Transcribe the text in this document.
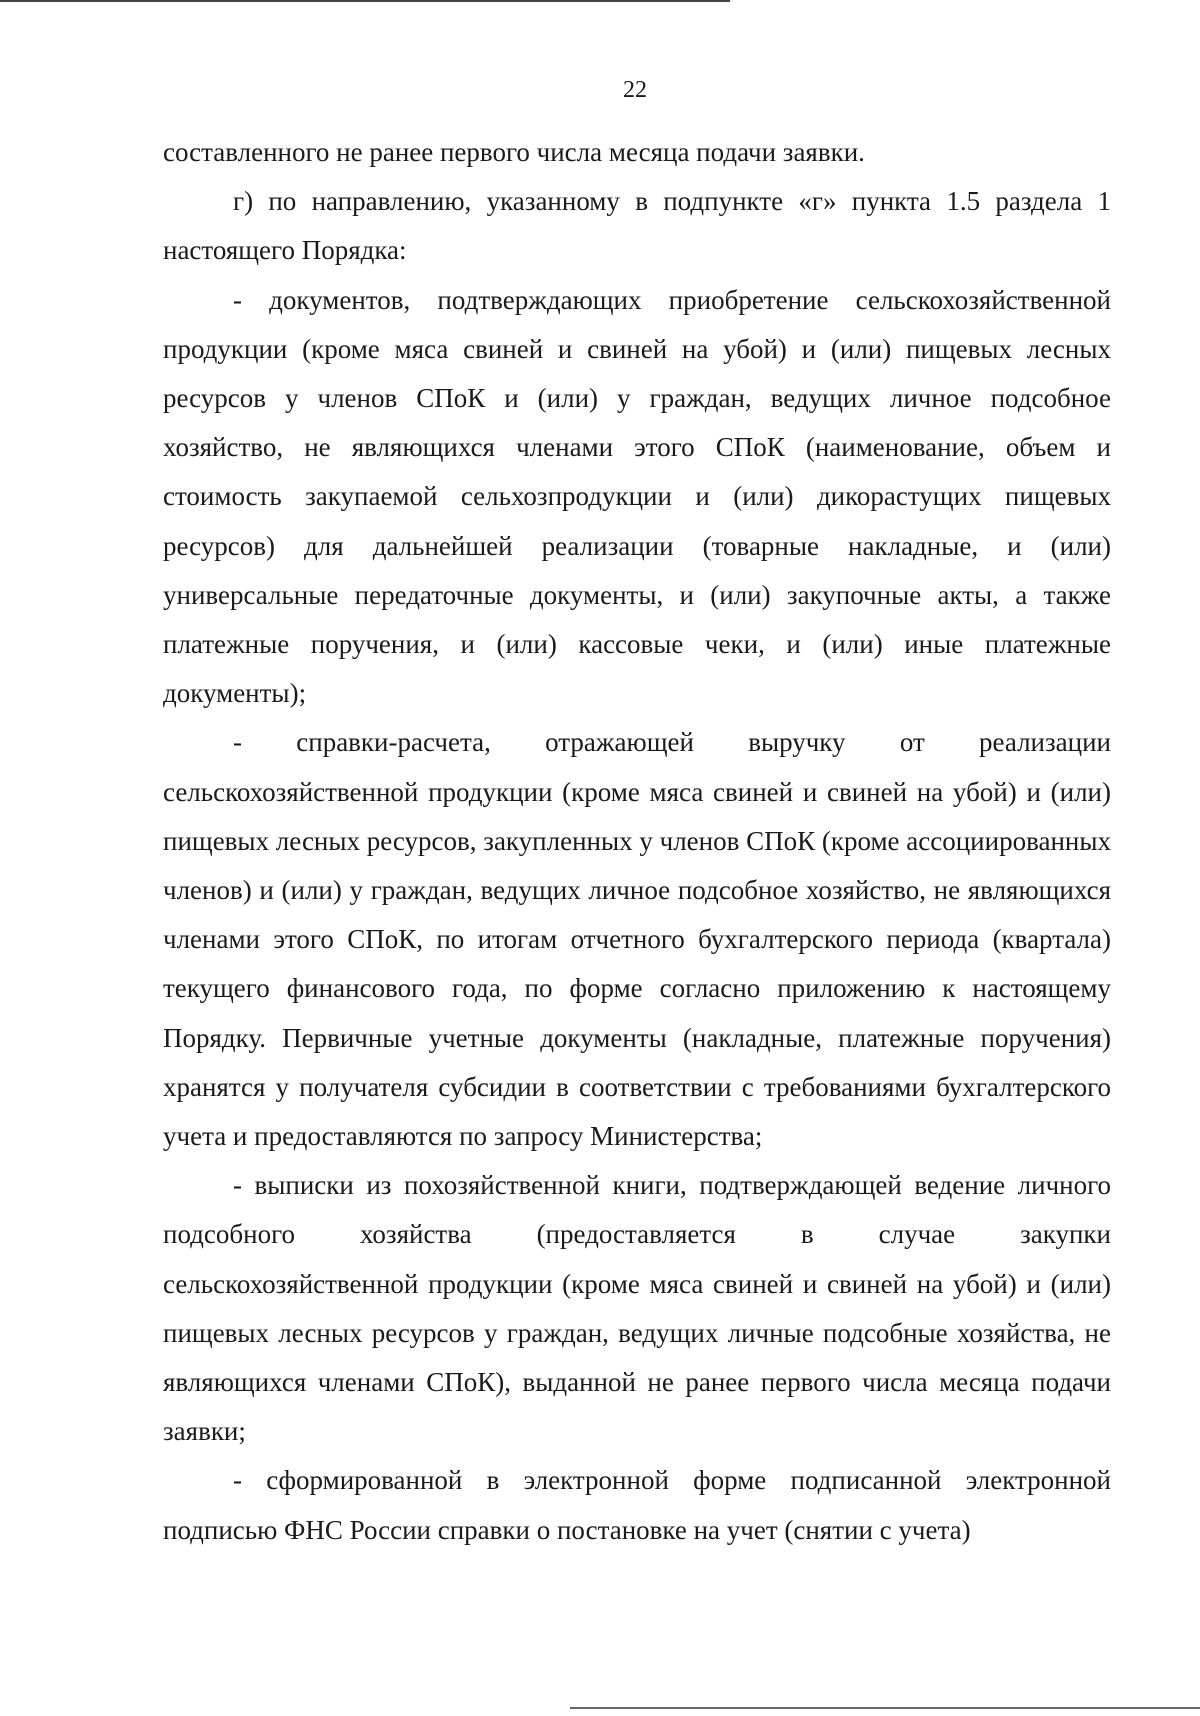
22

составленного не ранее первого числа месяца подачи заявки.

г) по направлению, указанному в подпункте «г» пункта 1.5 раздела 1 настоящего Порядка:

- документов, подтверждающих приобретение сельскохозяйственной продукции (кроме мяса свиней и свиней на убой) и (или) пищевых лесных ресурсов у членов СПоК и (или) у граждан, ведущих личное подсобное хозяйство, не являющихся членами этого СПоК (наименование, объем и стоимость закупаемой сельхозпродукции и (или) дикорастущих пищевых ресурсов) для дальнейшей реализации (товарные накладные, и (или) универсальные передаточные документы, и (или) закупочные акты, а также платежные поручения, и (или) кассовые чеки, и (или) иные платежные документы);

- справки-расчета, отражающей выручку от реализации

сельскохозяйственной продукции (кроме мяса свиней и свиней на убой) и (или) пищевых лесных ресурсов, закупленных у членов СПоК (кроме ассоциированных членов) и (или) у граждан, ведущих личное подсобное хозяйство, не являющихся членами этого СПоК, по итогам отчетного бухгалтерского периода (квартала) текущего финансового года, по форме согласно приложению к настоящему Порядку. Первичные учетные документы (накладные, платежные поручения) хранятся у получателя субсидии в соответствии с требованиями бухгалтерского учета и предоставляются по запросу Министерства;

- выписки из похозяйственной книги, подтверждающей ведение личного

подсобного хозяйства (предоставляется в случае закупки

сельскохозяйственной продукции (кроме мяса свиней и свиней на убой) и (или) пищевых лесных ресурсов у граждан, ведущих личные подсобные хозяйства, не являющихся членами СПоК), выданной не ранее первого числа месяца подачи заявки;

- сформированной в электронной форме подписанной электронной подписью ФНС России справки о постановке на учет (снятии с учета)
